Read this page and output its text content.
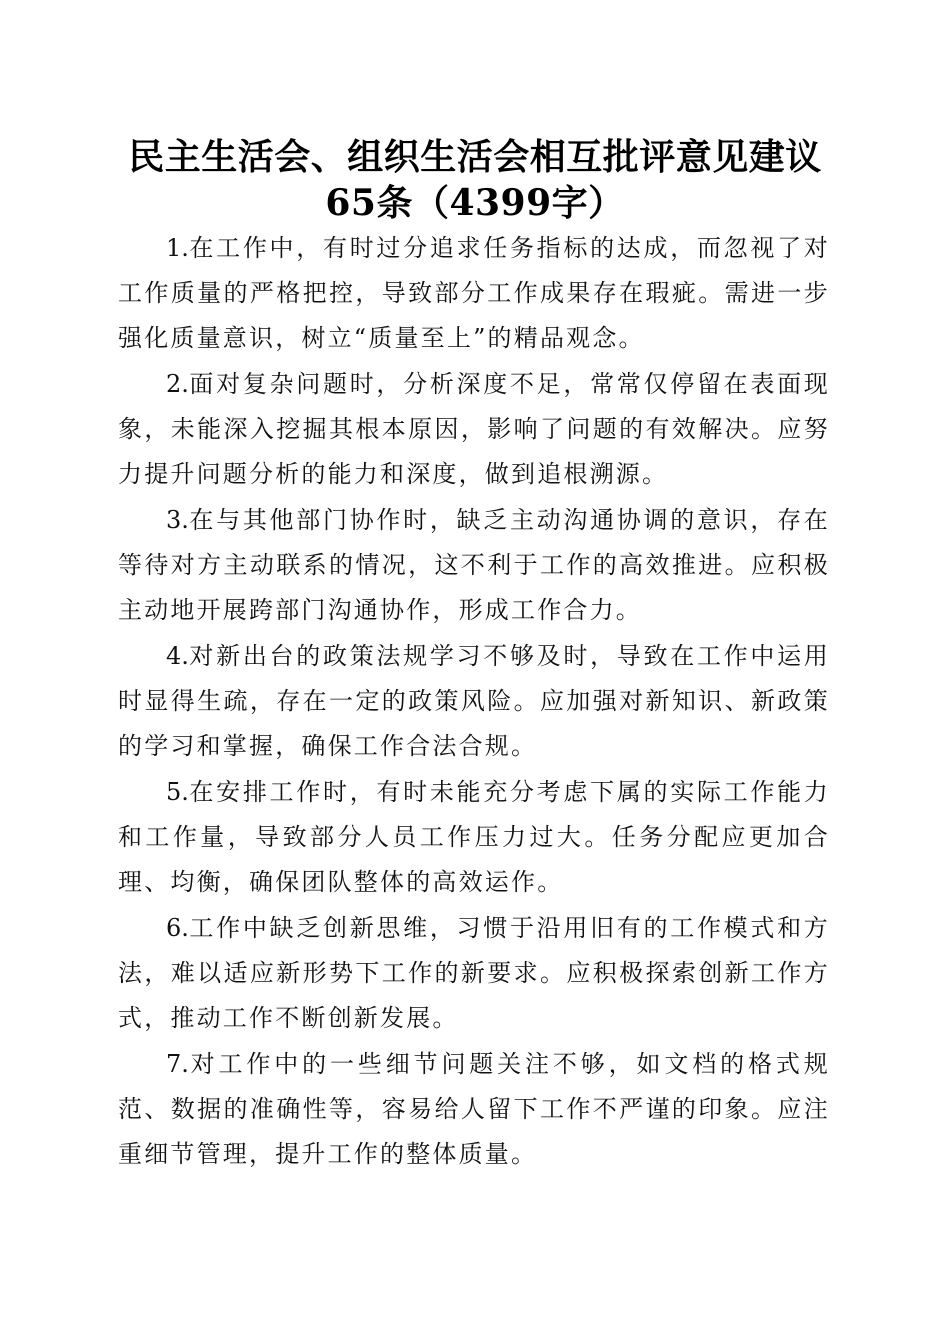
民主生活会、组织生活会相互批评意见建议
65条（4399字）

1.在工作中，有时过分追求任务指标的达成，而忽视了对工作质量的严格把控，导致部分工作成果存在瑕疵。需进一步强化质量意识，树立“质量至上”的精品观念。

2.面对复杂问题时，分析深度不足，常常仅停留在表面现象，未能深入挖掘其根本原因，影响了问题的有效解决。应努力提升问题分析的能力和深度，做到追根溯源。

3.在与其他部门协作时，缺乏主动沟通协调的意识，存在等待对方主动联系的情况，这不利于工作的高效推进。应积极主动地开展跨部门沟通协作，形成工作合力。

4.对新出台的政策法规学习不够及时，导致在工作中运用时显得生疏，存在一定的政策风险。应加强对新知识、新政策的学习和掌握，确保工作合法合规。

5.在安排工作时，有时未能充分考虑下属的实际工作能力和工作量，导致部分人员工作压力过大。任务分配应更加合理、均衡，确保团队整体的高效运作。

6.工作中缺乏创新思维，习惯于沿用旧有的工作模式和方法，难以适应新形势下工作的新要求。应积极探索创新工作方式，推动工作不断创新发展。

7.对工作中的一些细节问题关注不够，如文档的格式规范、数据的准确性等，容易给人留下工作不严谨的印象。应注重细节管理，提升工作的整体质量。
